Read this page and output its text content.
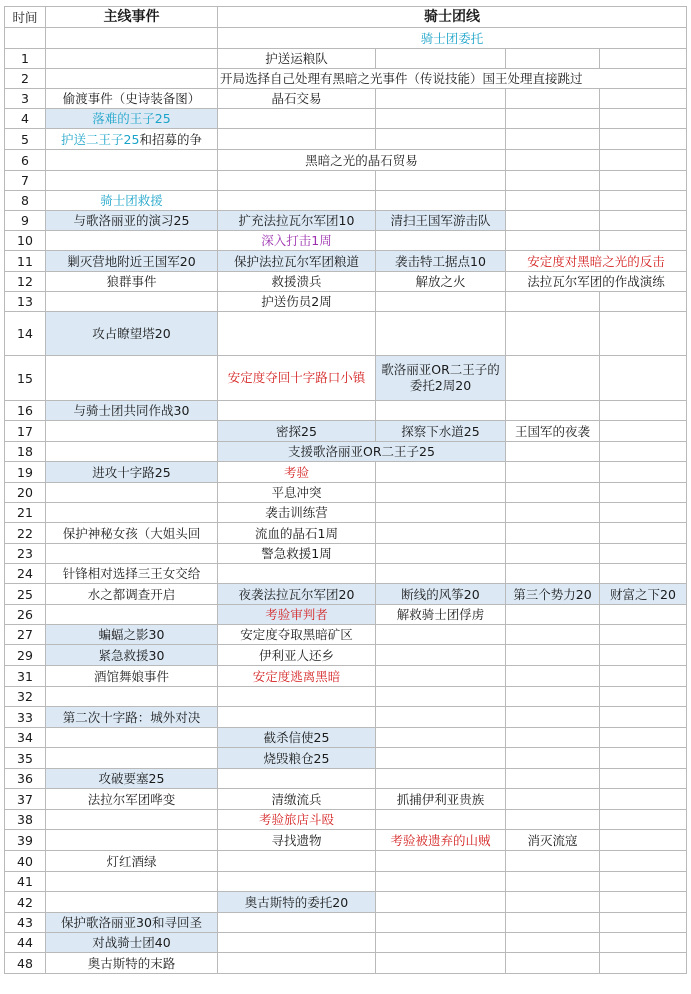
时间	主线事件	骑士团线			
		骑士团委托			
1		护送运粮队			
2		开局选择自己处理有黑暗之光事件（传说技能）国王处理直接跳过			
3	偷渡事件（史诗装备图）	晶石交易			
4	落难的王子25				
5	护送二王子25和招募的争				

6		黑暗之光的晶石贸易			
7					
8	骑士团救援				
9	与歌洛丽亚的演习25	扩充法拉瓦尔军团10	清扫王国军游击队		
10		深入打击1周			
11	剿灭营地附近王国军20	保护法拉瓦尔军团粮道	袭击特工据点10	安定度对黑暗之光的反击	
12	狼群事件	救援溃兵	解放之火	法拉瓦尔军团的作战演练	
13		护送伤员2周			
14	攻占瞭望塔20				
15		安定度夺回十字路口小镇	歌洛丽亚OR二王子的委托2周20		
16	与骑士团共同作战30				
17		密探25	探察下水道25	王国军的夜袭	
18		支援歌洛丽亚OR二王子25			
19	进攻十字路25	考验			
20		平息冲突			
21		袭击训练营			
22	保护神秘女孩（大姐头回	流血的晶石1周			
23		警急救援1周			
24	针锋相对选择三王女交给				

25	水之都调查开启	夜袭法拉瓦尔军团20	断线的风筝20	第三个势力20	财富之下20
26		考验审判者	解救骑士团俘虏		
27	蝙蝠之影30	安定度夺取黑暗矿区			
29	紧急救援30	伊利亚人还乡			
31	酒馆舞娘事件	安定度逃离黑暗			
32					
33	第二次十字路：城外对决				
34		截杀信使25			
35		烧毁粮仓25			
36	攻破要塞25				
37	法拉尔军团哗变	清缴流兵	抓捕伊利亚贵族		
38		考验旅店斗殴			
39		寻找遗物	考验被遗弃的山贼	消灭流寇	
40	灯红酒绿				
41					
42		奥古斯特的委托20			
43	保护歌洛丽亚30和寻回圣				

44	对战骑士团40				
48	奥古斯特的末路				
